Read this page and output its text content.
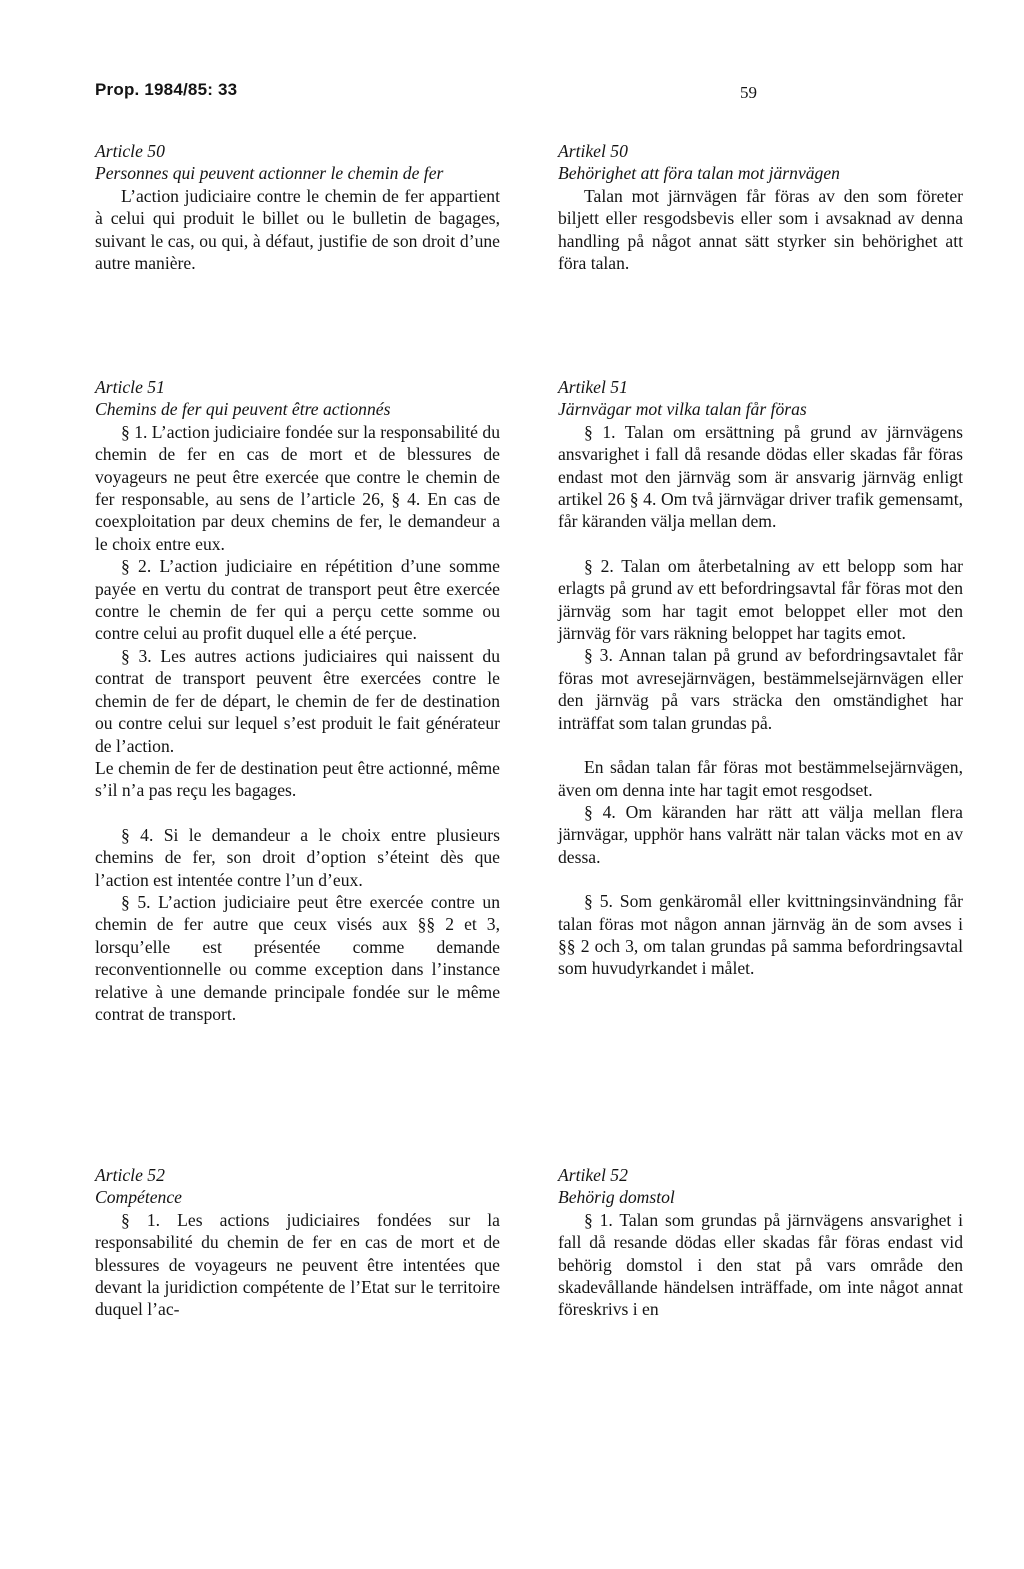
Prop. 1984/85: 33	59

Article 50

Personnes qui peuvent actionner le chemin de fer

L’action judiciaire contre le chemin de fer appartient à celui qui produit le billet ou le bulletin de bagages, suivant le cas, ou qui, à défaut, justifie de son droit d’une autre manière.

Article 51

Chemins de fer qui peuvent être actionnés

§ 1. L’action judiciaire fondée sur la responsabilité du chemin de fer en cas de mort et de blessures de voyageurs ne peut être exercée que contre le chemin de fer responsable, au sens de l’article 26, § 4. En cas de coexploitation par deux chemins de fer, le demandeur a le choix entre eux.

§ 2. L’action judiciaire en répétition d’une somme payée en vertu du contrat de transport peut être exercée contre le chemin de fer qui a perçu cette somme ou contre celui au profit duquel elle a été perçue.

§ 3. Les autres actions judiciaires qui naissent du contrat de transport peuvent être exercées contre le chemin de fer de départ, le chemin de fer de destination ou contre celui sur lequel s’est produit le fait générateur de l’action.

Le chemin de fer de destination peut être actionné, même s’il n’a pas reçu les bagages.

§ 4. Si le demandeur a le choix entre plusieurs chemins de fer, son droit d’option s’éteint dès que l’action est intentée contre l’un d’eux.

§ 5. L’action judiciaire peut être exercée contre un chemin de fer autre que ceux visés aux §§ 2 et 3, lorsqu’elle est présentée comme demande reconventionnelle ou comme exception dans l’instance relative à une demande principale fondée sur le même contrat de transport.

Article 52

Compétence

§ 1. Les actions judiciaires fondées sur la responsabilité du chemin de fer en cas de mort et de blessures de voyageurs ne peuvent être intentées que devant la juridiction compétente de l’Etat sur le territoire duquel l’ac-

Artikel 50

Behörighet att föra talan mot järnvägen

Talan mot järnvägen får föras av den som företer biljett eller resgodsbevis eller som i avsaknad av denna handling på något annat sätt styrker sin behörighet att föra talan.

Artikel 51

Järnvägar mot vilka talan får föras

§ 1. Talan om ersättning på grund av järnvägens ansvarighet i fall då resande dödas eller skadas får föras endast mot den järnväg som är ansvarig järnväg enligt artikel 26 § 4. Om två järnvägar driver trafik gemensamt, får käranden välja mellan dem.

§ 2. Talan om återbetalning av ett belopp som har erlagts på grund av ett befordringsavtal får föras mot den järnväg som har tagit emot beloppet eller mot den järnväg för vars räkning beloppet har tagits emot.

§ 3. Annan talan på grund av befordringsavtalet får föras mot avresejärnvägen, bestämmelsejärnvägen eller den järnväg på vars sträcka den omständighet har inträffat som talan grundas på.

En sådan talan får föras mot bestämmelsejärnvägen, även om denna inte har tagit emot resgodset.

§ 4. Om käranden har rätt att välja mellan flera järnvägar, upphör hans valrätt när talan väcks mot en av dessa.

§ 5. Som genkäromål eller kvittningsinvändning får talan föras mot någon annan järnväg än de som avses i §§ 2 och 3, om talan grundas på samma befordringsavtal som huvudyrkandet i målet.

Artikel 52

Behörig domstol

§ 1. Talan som grundas på järnvägens ansvarighet i fall då resande dödas eller skadas får föras endast vid behörig domstol i den stat på vars område den skadevållande händelsen inträffade, om inte något annat föreskrivs i en
